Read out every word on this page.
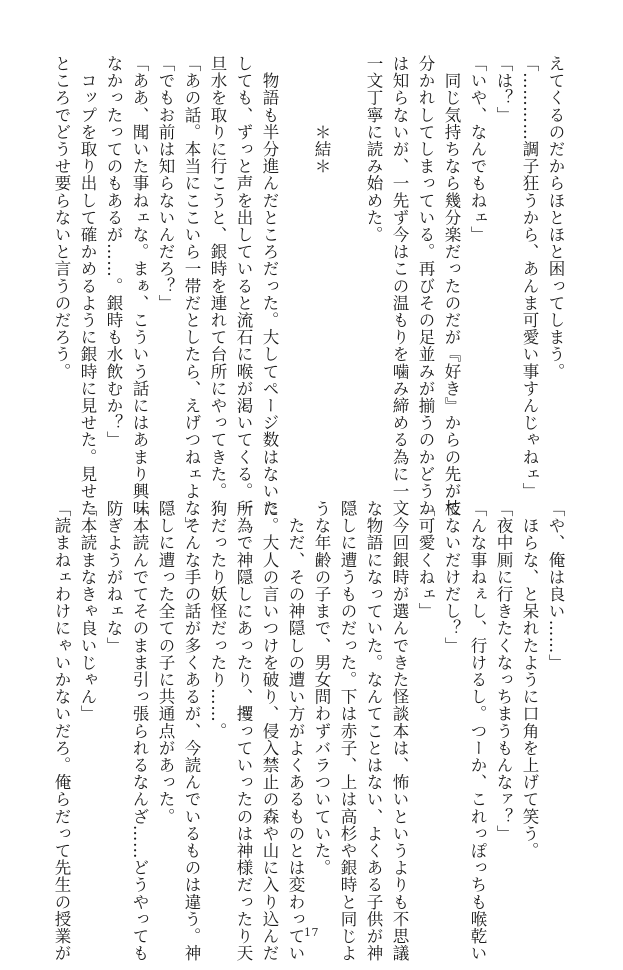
えてくるのだからほとほと困ってしまう。
「…………調子狂うから、あんま可愛い事すんじゃねェ」
「は？」
「いや、なんでもねェ」
　同じ気持ちなら幾分楽だったのだが『好き』からの先が枝
分かれしてしまっている。再びその足並みが揃うのかどうか
は知らないが、一先ず今はこの温もりを噛み締める為に一文
一文丁寧に読み始めた。

　　　　＊結＊

　物語も半分進んだところだった。大してページ数はないに
しても、ずっと声を出していると流石に喉が渇いてくる。一
旦水を取りに行こうと、銀時を連れて台所にやってきた。
「あの話。本当にここいら一帯だとしたら、えげつねェよな」
「でもお前は知らないんだろ？」
「ああ、聞いた事ねェな。まぁ、こういう話にはあまり興味
なかったってのもあるが……。銀時も水飲むか？」
　コップを取り出して確かめるように銀時に見せた。見せた
ところでどうせ要らないと言うのだろう。
「や、俺は良い……」
　ほらな、と呆れたように口角を上げて笑う。
「夜中厠に行きたくなっちまうもんなァ？」
「んな事ねぇし、行けるし。つーか、これっぽっちも喉乾い
てないだけだし？」
「可愛くねェ」
　今回銀時が選んできた怪談本は、怖いというよりも不思議
な物語になっていた。なんてことはない、よくある子供が神
隠しに遭うものだった。下は赤子、上は高杉や銀時と同じよ
うな年齢の子まで、男女問わずバラついていた。
　ただ、その神隠しの遭い方がよくあるものとは変わってい
た。大人の言いつけを破り、侵入禁止の森や山に入り込んだ
所為で神隠しにあったり、攫っていったのは神様だったり天
狗だったり妖怪だったり……。
　そんな手の話が多くあるが、今読んでいるものは違う。神
隠しに遭った全ての子に共通点があった。
「本読んでてそのまま引っ張られるなんざ……どうやっても
防ぎようがねェな」
「本読まなきゃ良いじゃん」
「読まねェわけにゃいかないだろ。俺らだって先生の授業が	17
